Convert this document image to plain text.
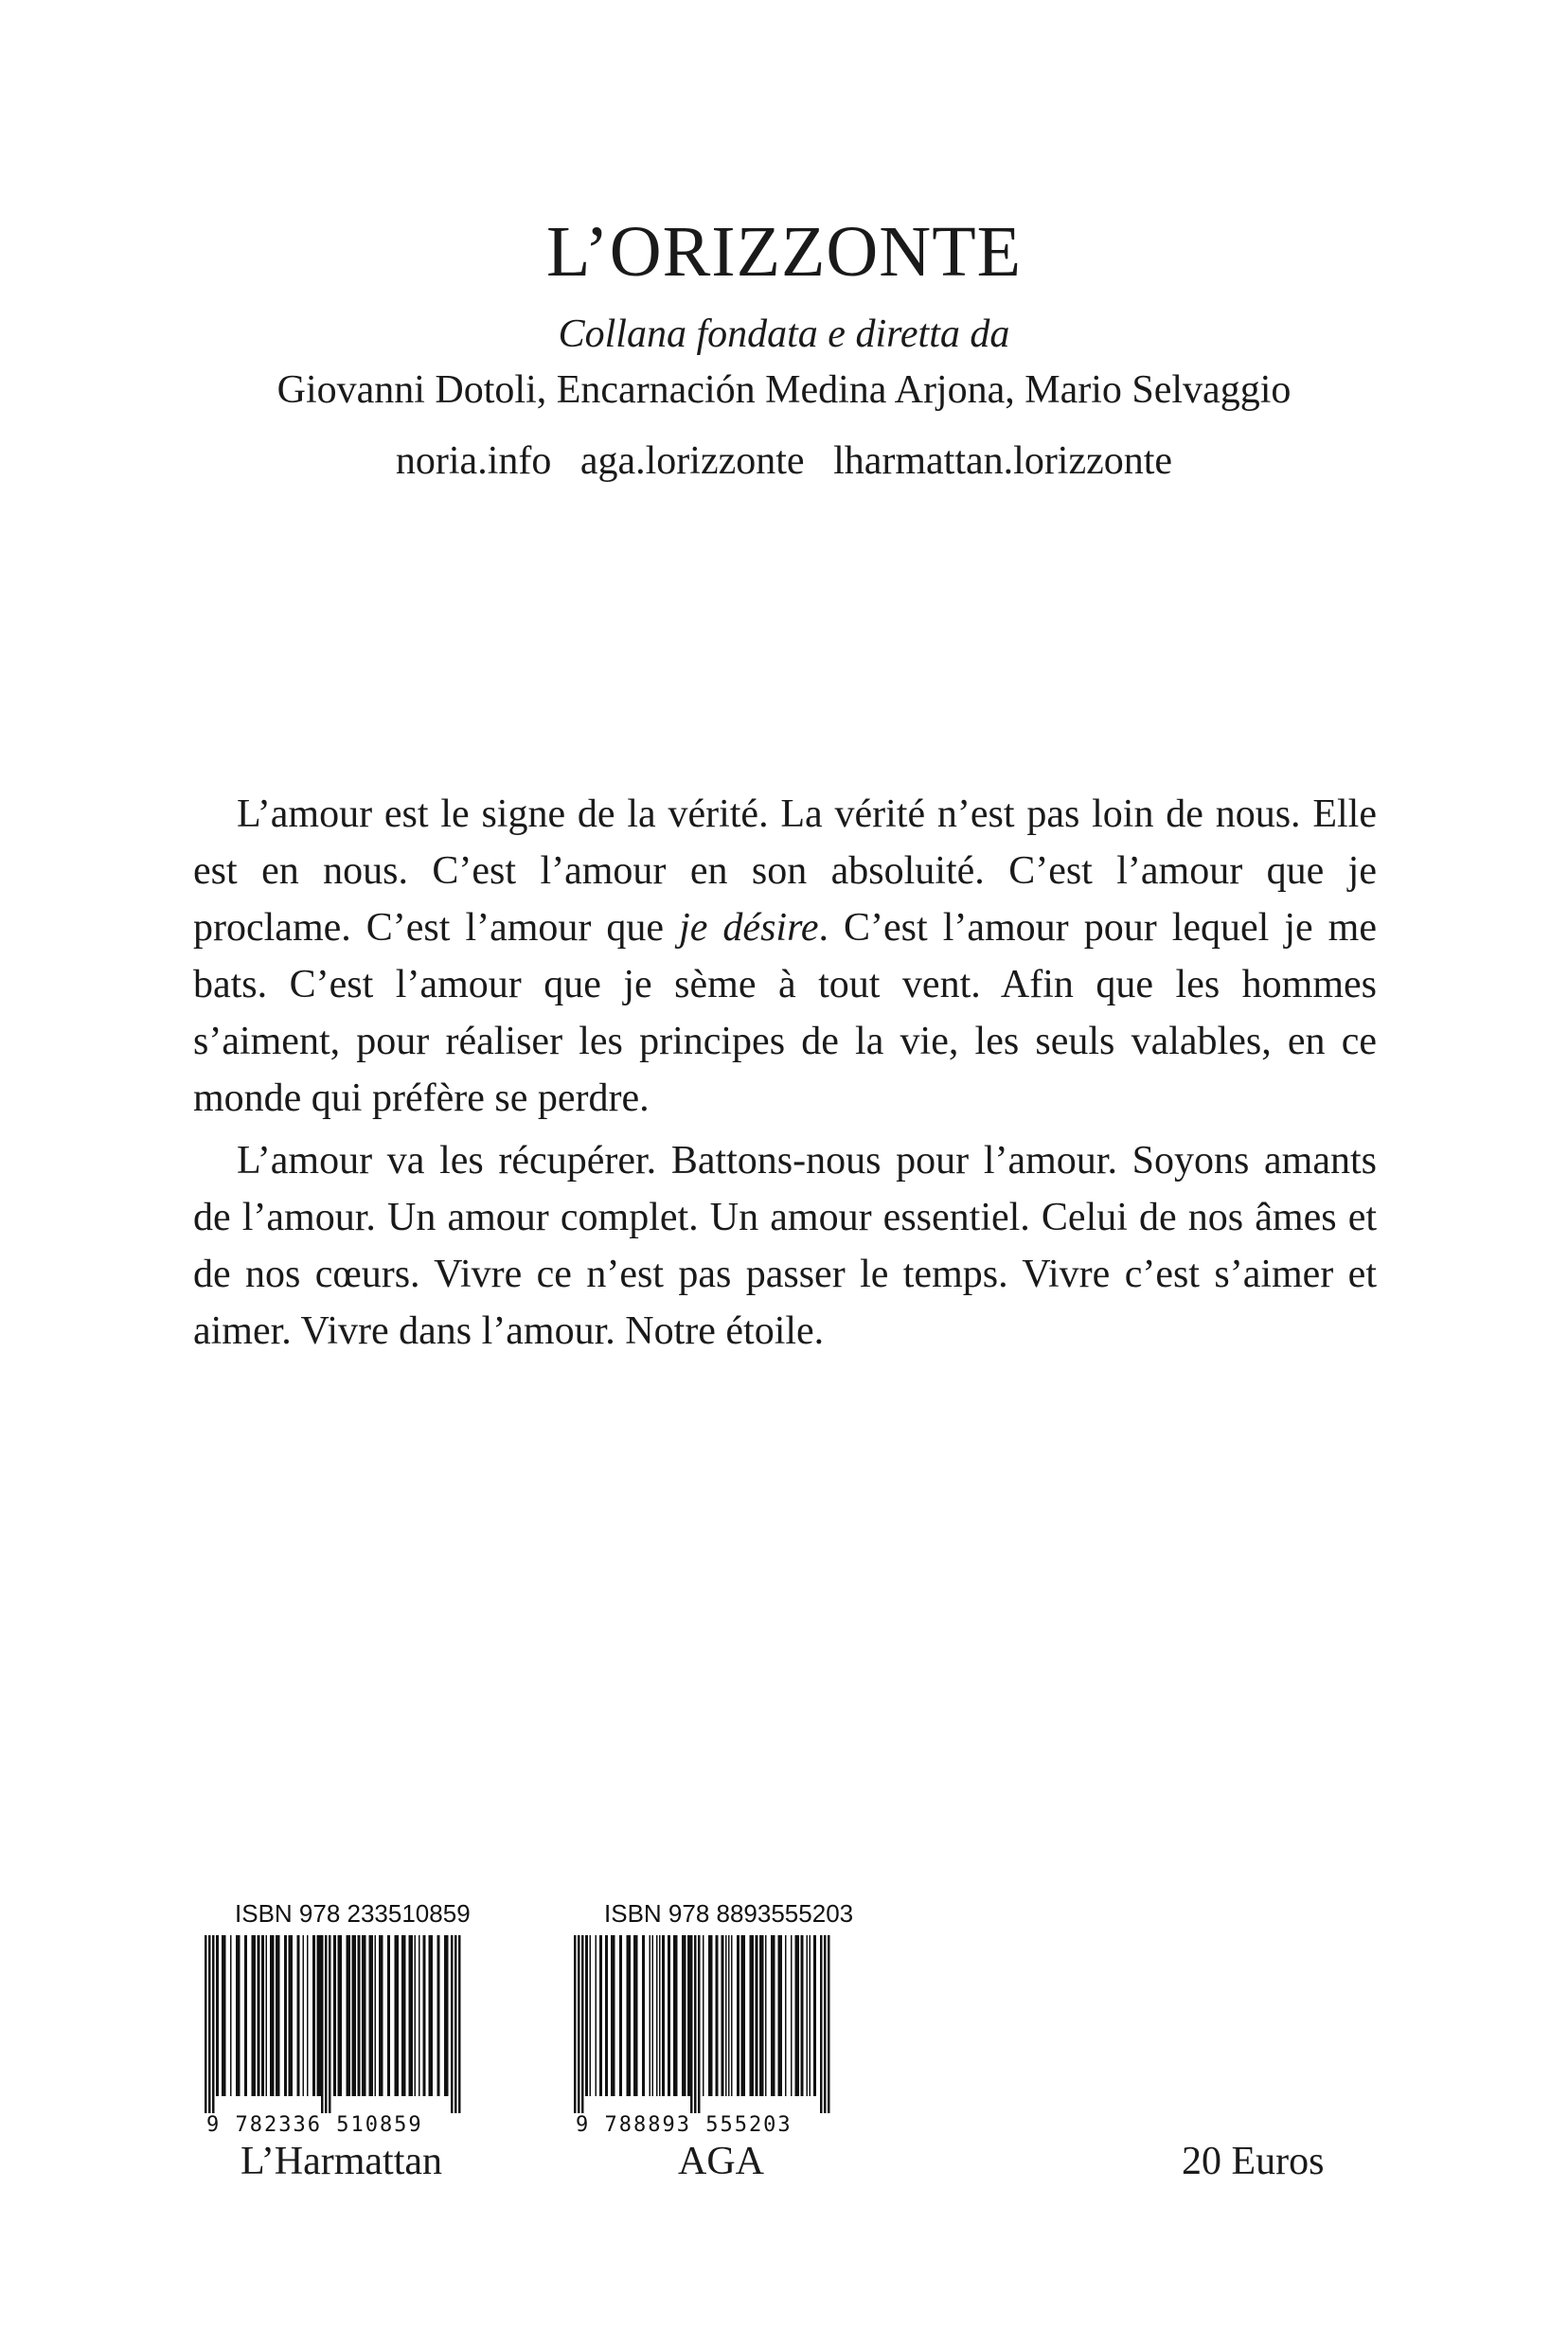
L’ORIZZONTE
Collana fondata e diretta da
Giovanni Dotoli, Encarnación Medina Arjona, Mario Selvaggio
noria.info aga.lorizzonte lharmattan.lorizzonte

L’amour est le signe de la vérité. La vérité n’est pas loin de nous. Elle est en nous. C’est l’amour en son absoluité. C’est l’amour que je proclame. C’est l’amour que je désire. C’est l’amour pour lequel je me bats. C’est l’amour que je sème à tout vent. Afin que les hommes s’aiment, pour réaliser les principes de la vie, les seuls valables, en ce monde qui préfère se perdre.

L’amour va les récupérer. Battons-nous pour l’amour. Soyons amants de l’amour. Un amour complet. Un amour essentiel. Celui de nos âmes et de nos cœurs. Vivre ce n’est pas passer le temps. Vivre c’est s’aimer et aimer. Vivre dans l’amour. Notre étoile.

ISBN 978 2335108​59
9 782336 510859
L’Harmattan
ISBN 978 8893555203
9 788893 555203
AGA	20 Euros
